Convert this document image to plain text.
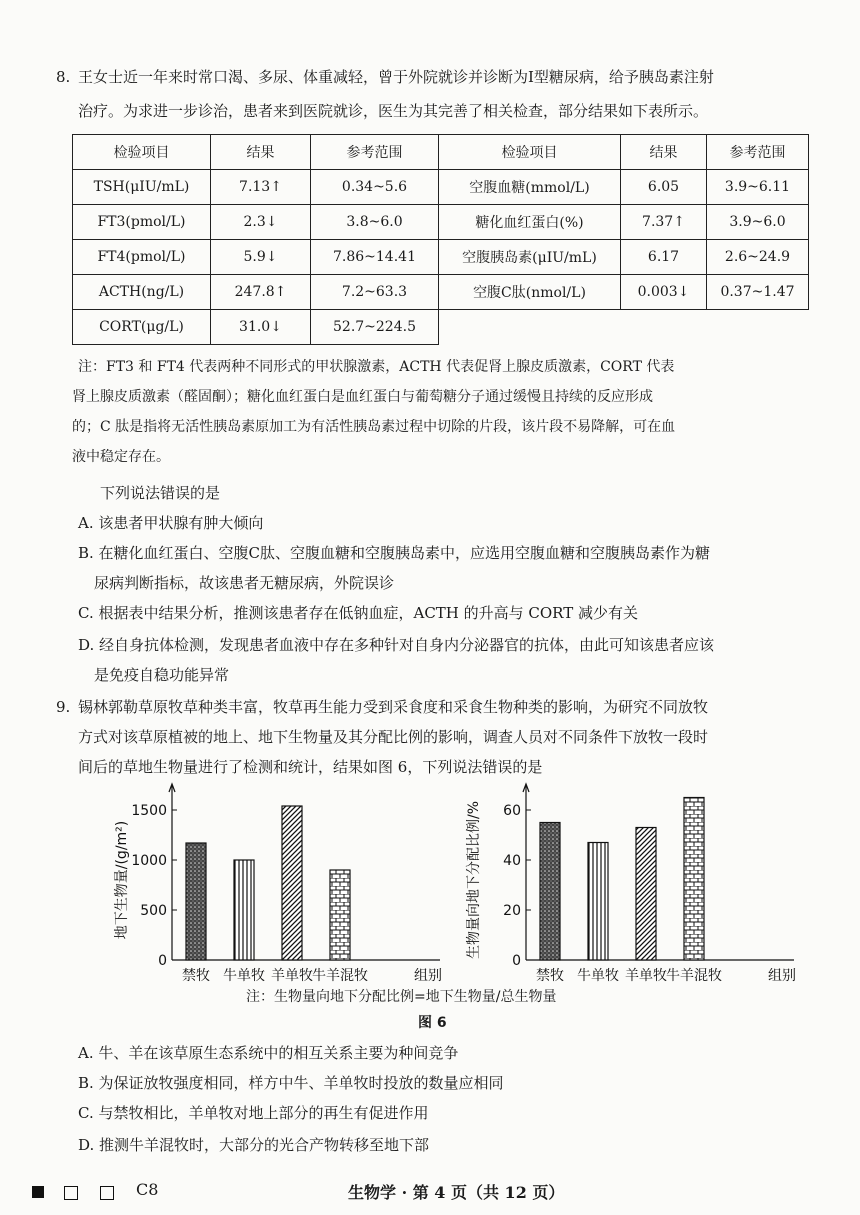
8. 王女士近一年来时常口渴、多尿、体重减轻，曾于外院就诊并诊断为Ⅰ型糖尿病，给予胰岛素注射

治疗。为求进一步诊治，患者来到医院就诊，医生为其完善了相关检查，部分结果如下表所示。

检验项目	结果	参考范围	检验项目	结果	参考范围
TSH(μIU/mL)	7.13↑	0.34~5.6	空腹血糖(mmol/L)	6.05	3.9~6.11
FT3(pmol/L)	2.3↓	3.8~6.0	糖化血红蛋白(%)	7.37↑	3.9~6.0
FT4(pmol/L)	5.9↓	7.86~14.41	空腹胰岛素(μIU/mL)	6.17	2.6~24.9
ACTH(ng/L)	247.8↑	7.2~63.3	空腹C肽(nmol/L)	0.003↓	0.37~1.47
CORT(μg/L)	31.0↓	52.7~224.5			
注：FT3 和 FT4 代表两种不同形式的甲状腺激素，ACTH 代表促肾上腺皮质激素，CORT 代表
肾上腺皮质激素（醛固酮）；糖化血红蛋白是血红蛋白与葡萄糖分子通过缓慢且持续的反应形成
的；C 肽是指将无活性胰岛素原加工为有活性胰岛素过程中切除的片段，该片段不易降解，可在血
液中稳定存在。
下列说法错误的是
A. 该患者甲状腺有肿大倾向
B. 在糖化血红蛋白、空腹C肽、空腹血糖和空腹胰岛素中，应选用空腹血糖和空腹胰岛素作为糖
尿病判断指标，故该患者无糖尿病，外院误诊
C. 根据表中结果分析，推测该患者存在低钠血症，ACTH 的升高与 CORT 减少有关
D. 经自身抗体检测，发现患者血液中存在多种针对自身内分泌器官的抗体，由此可知该患者应该
是免疫自稳功能异常

9. 锡林郭勒草原牧草种类丰富，牧草再生能力受到采食度和采食生物种类的影响，为研究不同放牧

方式对该草原植被的地上、地下生物量及其分配比例的影响，调查人员对不同条件下放牧一段时

间后的草地生物量进行了检测和统计，结果如图 6，下列说法错误的是

0
500
1000
1500
地下生物量/(g/m²)
禁牧 牛单牧 羊单牧 牛羊混牧	组别
0
20
40
60
生物量向地下分配比例/%
禁牧 牛单牧 羊单牧 牛羊混牧	组别
注：生物量向地下分配比例=地下生物量/总生物量
图 6
A. 牛、羊在该草原生态系统中的相互关系主要为种间竞争
B. 为保证放牧强度相同，样方中牛、羊单牧时投放的数量应相同
C. 与禁牧相比，羊单牧对地上部分的再生有促进作用
D. 推测牛羊混牧时，大部分的光合产物转移至地下部
C8	生物学 · 第 4 页（共 12 页）
